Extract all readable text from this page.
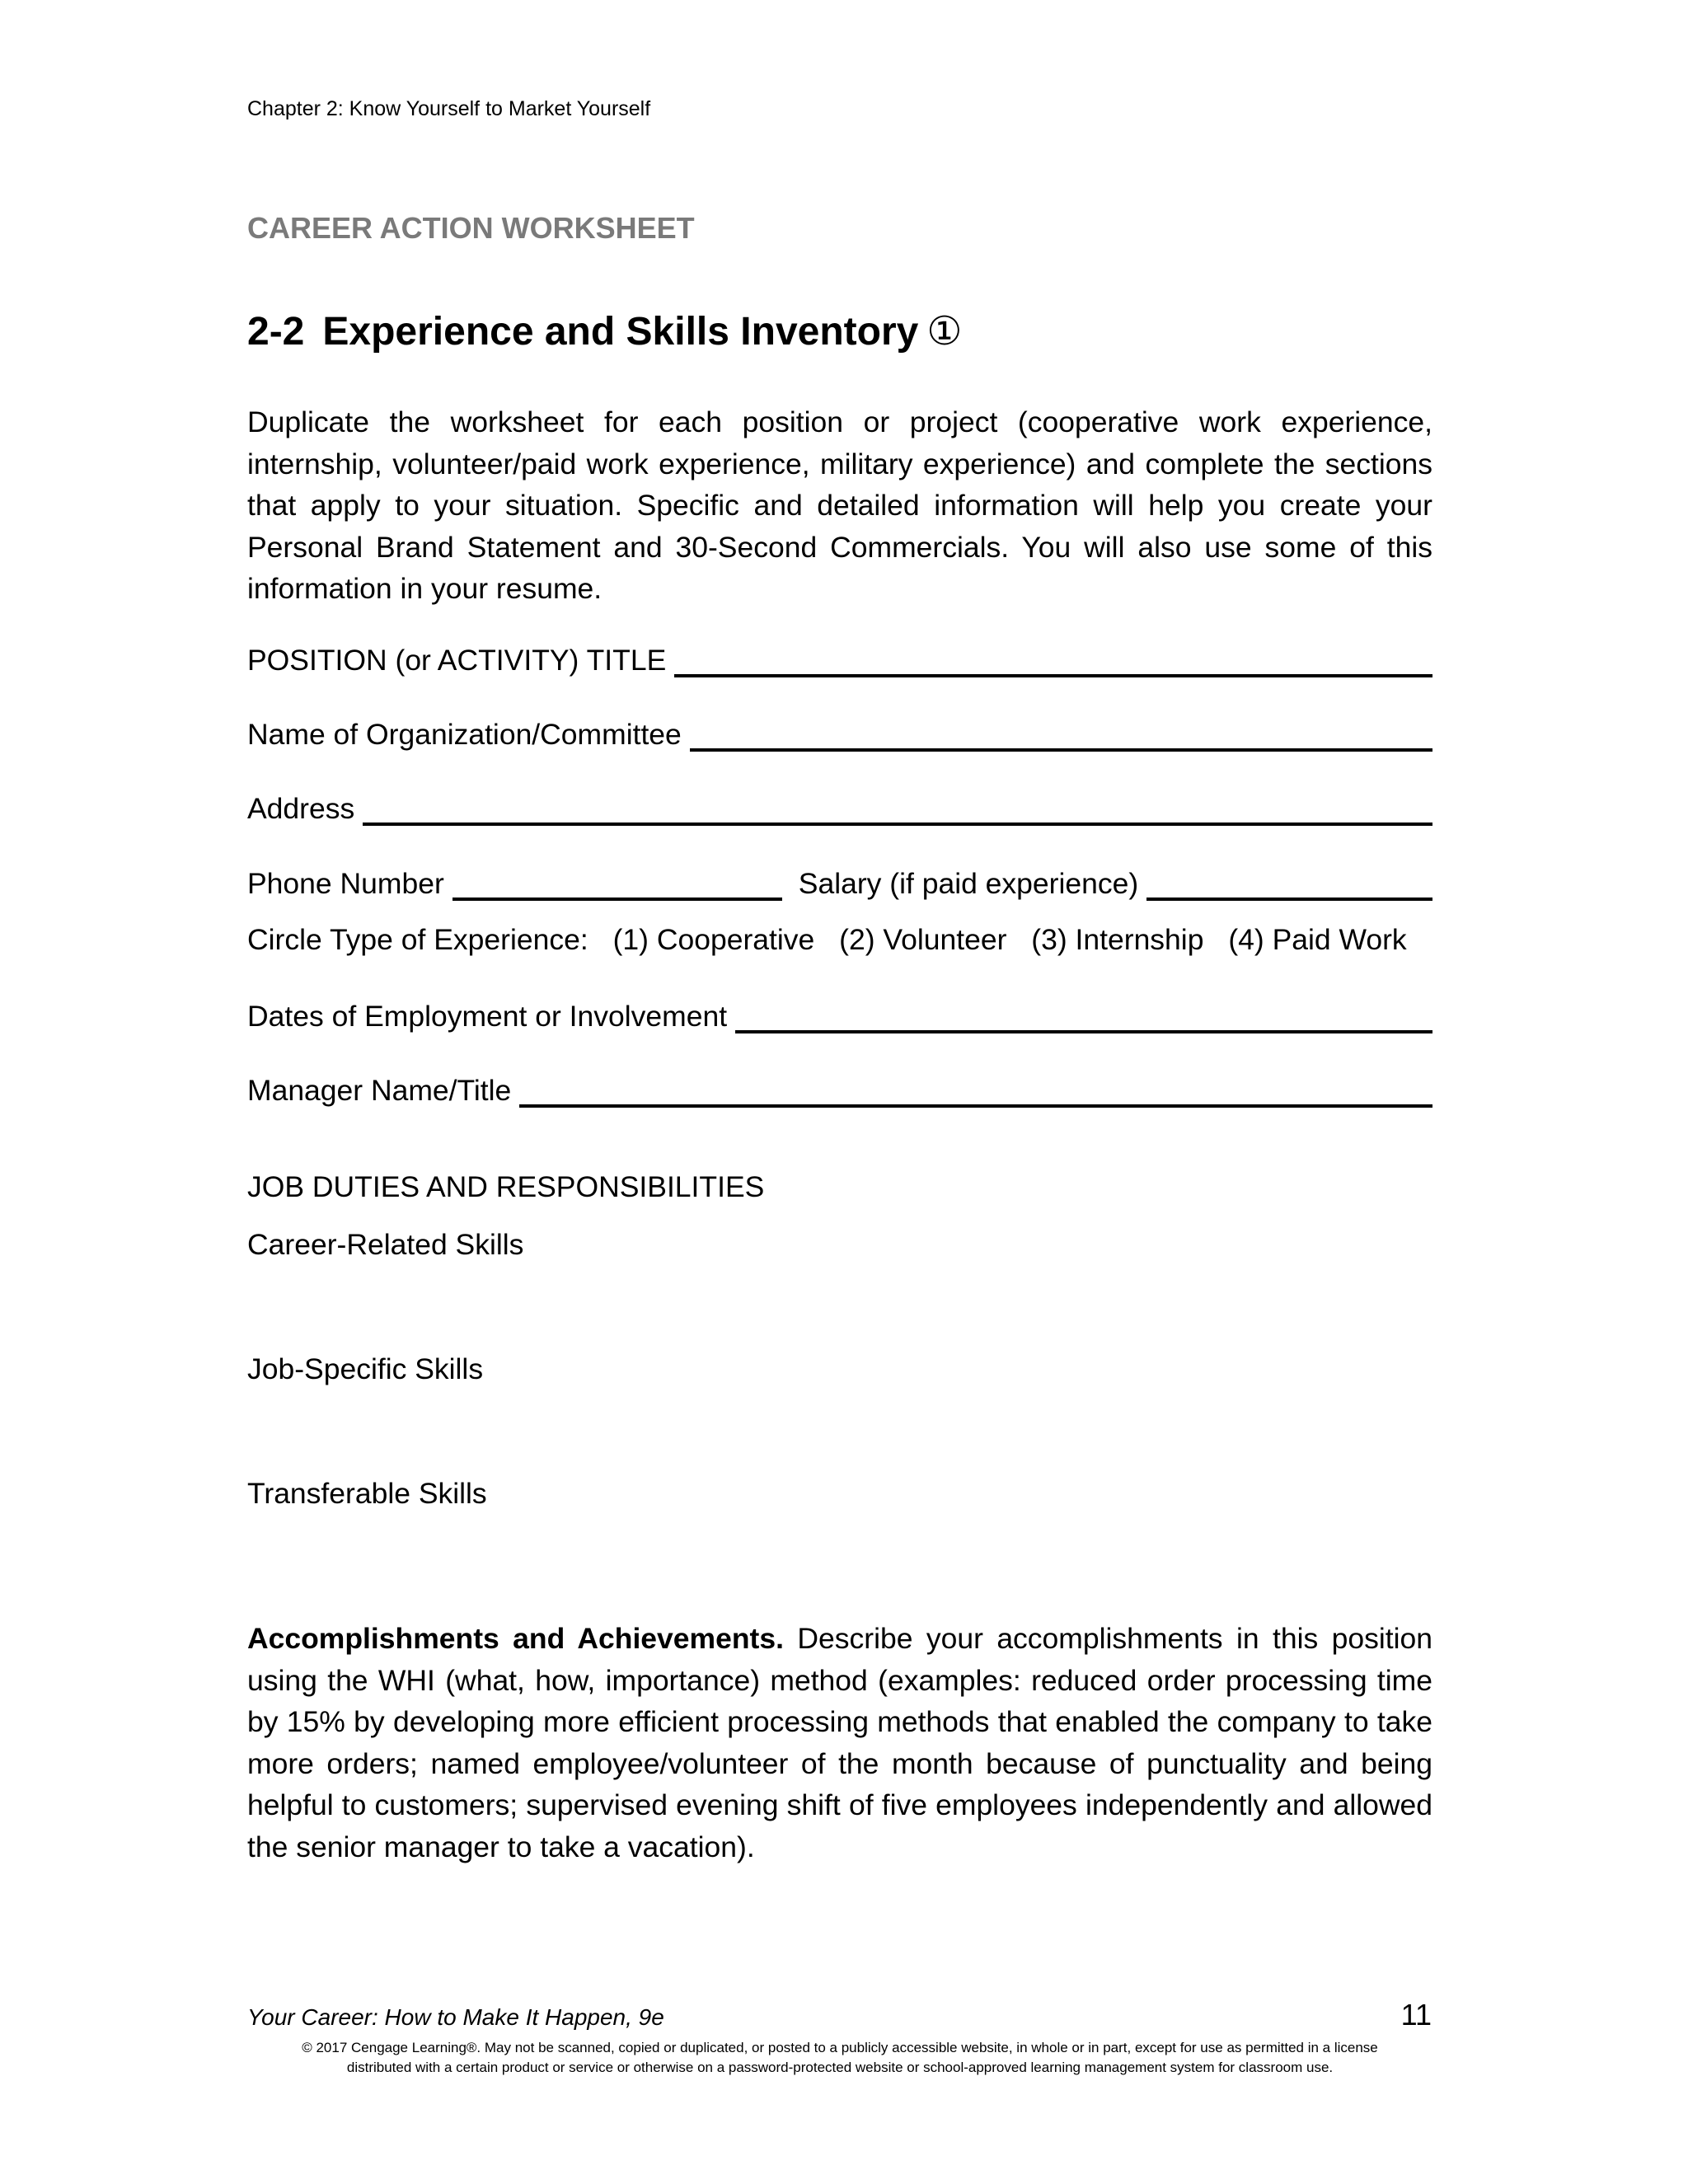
Chapter 2: Know Yourself to Market Yourself
CAREER ACTION WORKSHEET
2-2 Experience and Skills Inventory ①
Duplicate the worksheet for each position or project (cooperative work experience, internship, volunteer/paid work experience, military experience) and complete the sections that apply to your situation. Specific and detailed information will help you create your Personal Brand Statement and 30-Second Commercials. You will also use some of this information in your resume.
POSITION (or ACTIVITY) TITLE
Name of Organization/Committee
Address
Phone Number	Salary (if paid experience)
Circle Type of Experience: (1) Cooperative (2) Volunteer (3) Internship (4) Paid Work
Dates of Employment or Involvement
Manager Name/Title
JOB DUTIES AND RESPONSIBILITIES
Career-Related Skills
Job-Specific Skills
Transferable Skills
Accomplishments and Achievements. Describe your accomplishments in this position using the WHI (what, how, importance) method (examples: reduced order processing time by 15% by developing more efficient processing methods that enabled the company to take more orders; named employee/volunteer of the month because of punctuality and being helpful to customers; supervised evening shift of five employees independently and allowed the senior manager to take a vacation).
Your Career: How to Make It Happen, 9e	11
© 2017 Cengage Learning®. May not be scanned, copied or duplicated, or posted to a publicly accessible website, in whole or in part, except for use as permitted in a license
distributed with a certain product or service or otherwise on a password-protected website or school-approved learning management system for classroom use.
